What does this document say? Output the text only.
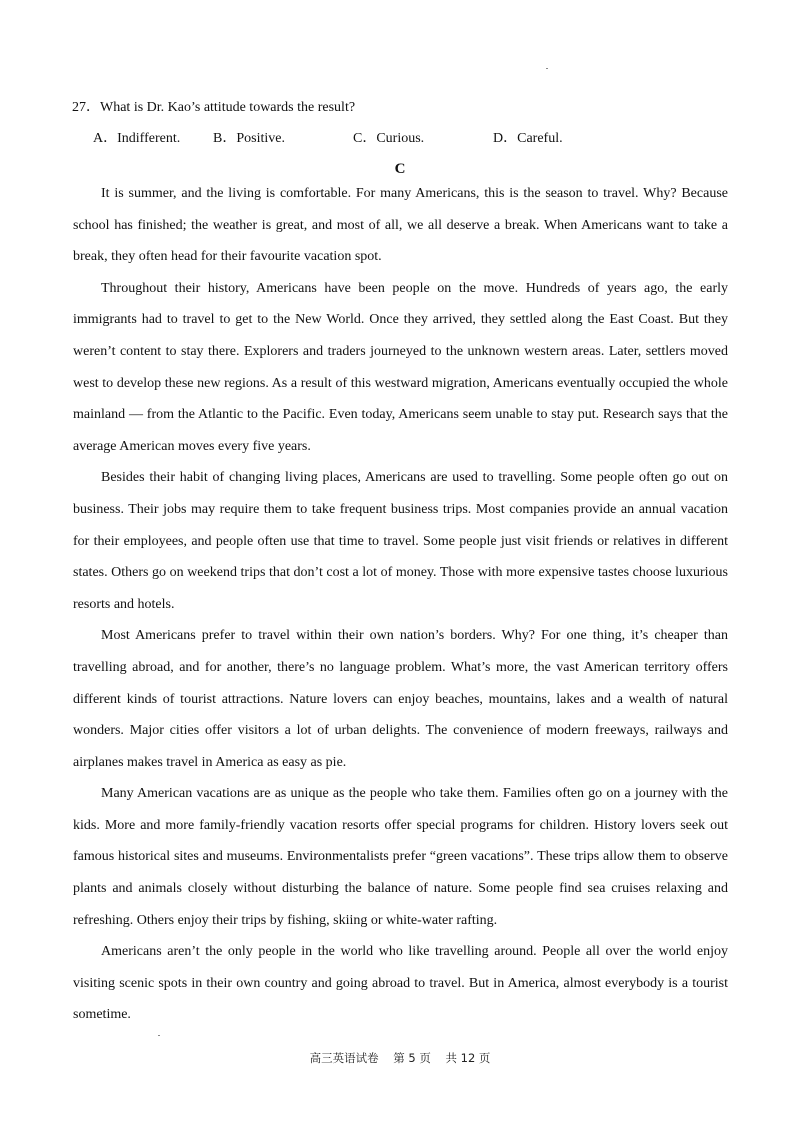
27．What is Dr. Kao’s attitude towards the result?
A．Indifferent. B．Positive.	C．Curious.	D．Careful.
C

It is summer, and the living is comfortable. For many Americans, this is the season to travel. Why? Because school has finished; the weather is great, and most of all, we all deserve a break. When Americans want to take a break, they often head for their favourite vacation spot.

Throughout their history, Americans have been people on the move. Hundreds of years ago, the early immigrants had to travel to get to the New World. Once they arrived, they settled along the East Coast. But they weren’t content to stay there. Explorers and traders journeyed to the unknown western areas. Later, settlers moved west to develop these new regions. As a result of this westward migration, Americans eventually occupied the whole mainland — from the Atlantic to the Pacific. Even today, Americans seem unable to stay put. Research says that the average American moves every five years.

Besides their habit of changing living places, Americans are used to travelling. Some people often go out on business. Their jobs may require them to take frequent business trips. Most companies provide an annual vacation for their employees, and people often use that time to travel. Some people just visit friends or relatives in different states. Others go on weekend trips that don’t cost a lot of money. Those with more expensive tastes choose luxurious resorts and hotels.

Most Americans prefer to travel within their own nation’s borders. Why? For one thing, it’s cheaper than travelling abroad, and for another, there’s no language problem. What’s more, the vast American territory offers different kinds of tourist attractions. Nature lovers can enjoy beaches, mountains, lakes and a wealth of natural wonders. Major cities offer visitors a lot of urban delights. The convenience of modern freeways, railways and airplanes makes travel in America as easy as pie.

Many American vacations are as unique as the people who take them. Families often go on a journey with the kids. More and more family-friendly vacation resorts offer special programs for children. History lovers seek out famous historical sites and museums. Environmentalists prefer “green vacations”. These trips allow them to observe plants and animals closely without disturbing the balance of nature. Some people find sea cruises relaxing and refreshing. Others enjoy their trips by fishing, skiing or white-water rafting.

Americans aren’t the only people in the world who like travelling around. People all over the world enjoy visiting scenic spots in their own country and going abroad to travel. But in America, almost everybody is a tourist sometime.

高三英语试卷 第 5 页 共 12 页
